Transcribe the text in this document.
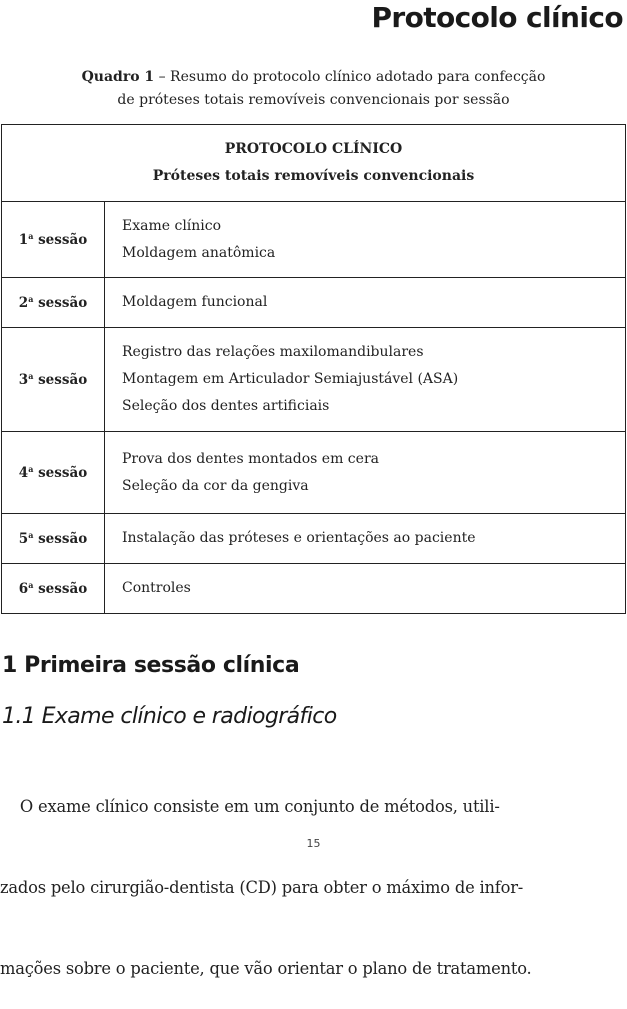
Protocolo clínico
Quadro 1 – Resumo do protocolo clínico adotado para confecção
de próteses totais removíveis convencionais por sessão
PROTOCOLO CLÍNICO
Próteses totais removíveis convencionais	

1$^a$ sessão	Exame clínico
Moldagem anatômica

2$^a$ sessão	Moldagem funcional

3$^a$ sessão	Registro das relações maxilomandibulares
Montagem em Articulador Semiajustável (ASA)
Seleção dos dentes artificiais

4$^a$ sessão	Prova dos dentes montados em cera
Seleção da cor da gengiva

5$^a$ sessão	Instalação das próteses e orientações ao paciente

6$^a$ sessão	Controles
1 Primeira sessão clínica
1.1 Exame clínico e radiográfico

O exame clínico consiste em um conjunto de métodos, utili-

zados pelo cirurgião-dentista (CD) para obter o máximo de infor-

mações sobre o paciente, que vão orientar o plano de tratamento.

15
